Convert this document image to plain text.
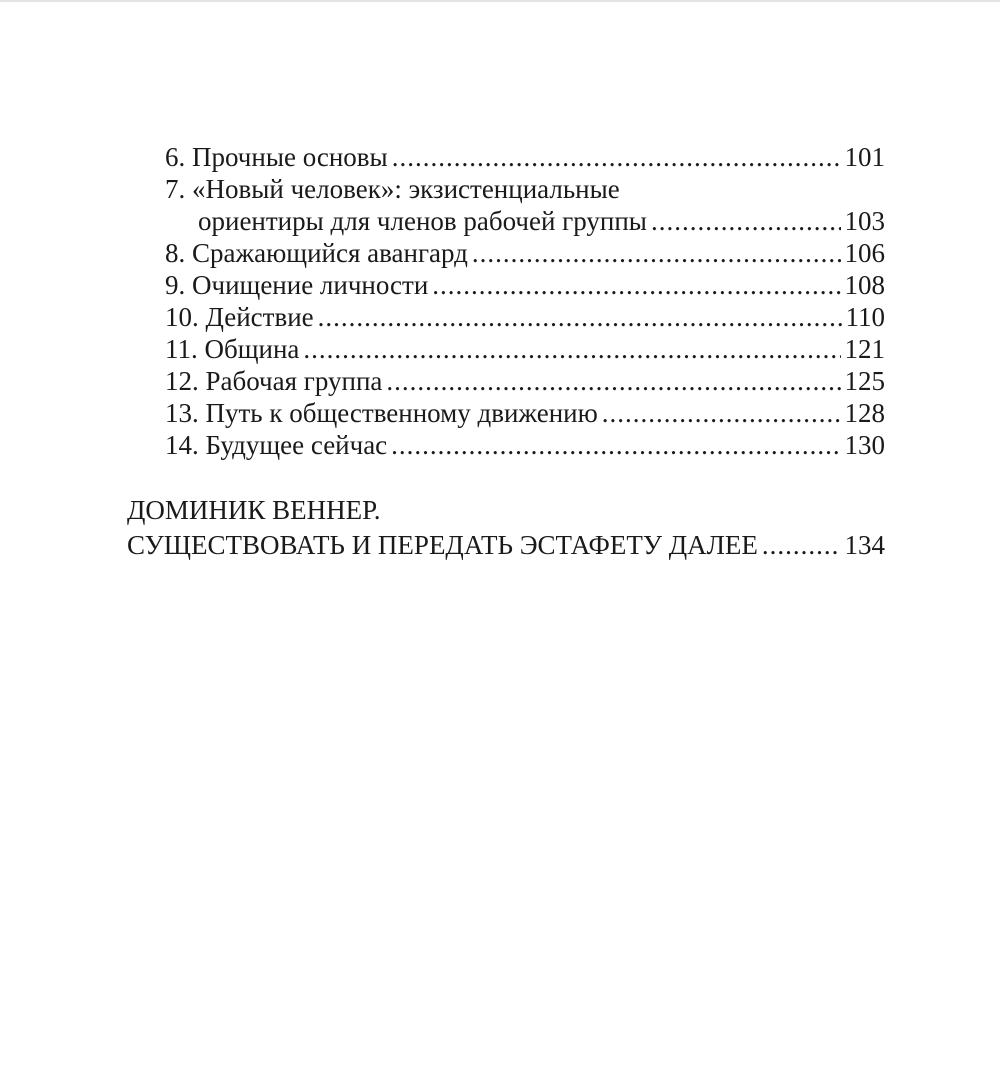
6. Прочные основы .....	101
7. «Новый человек»: экзистенциальные
ориентиры для членов рабочей группы .....	103
8. Сражающийся авангард .....	106
9. Очищение личности .....	108
10. Действие .....	110
11. Община .....	121
12. Рабочая группа .....	125
13. Путь к общественному движению .....	128
14. Будущее сейчас .....	130
ДОМИНИК ВЕННЕР.
СУЩЕСТВОВАТЬ И ПЕРЕДАТЬ ЭСТАФЕТУ ДАЛЕЕ .....	134
